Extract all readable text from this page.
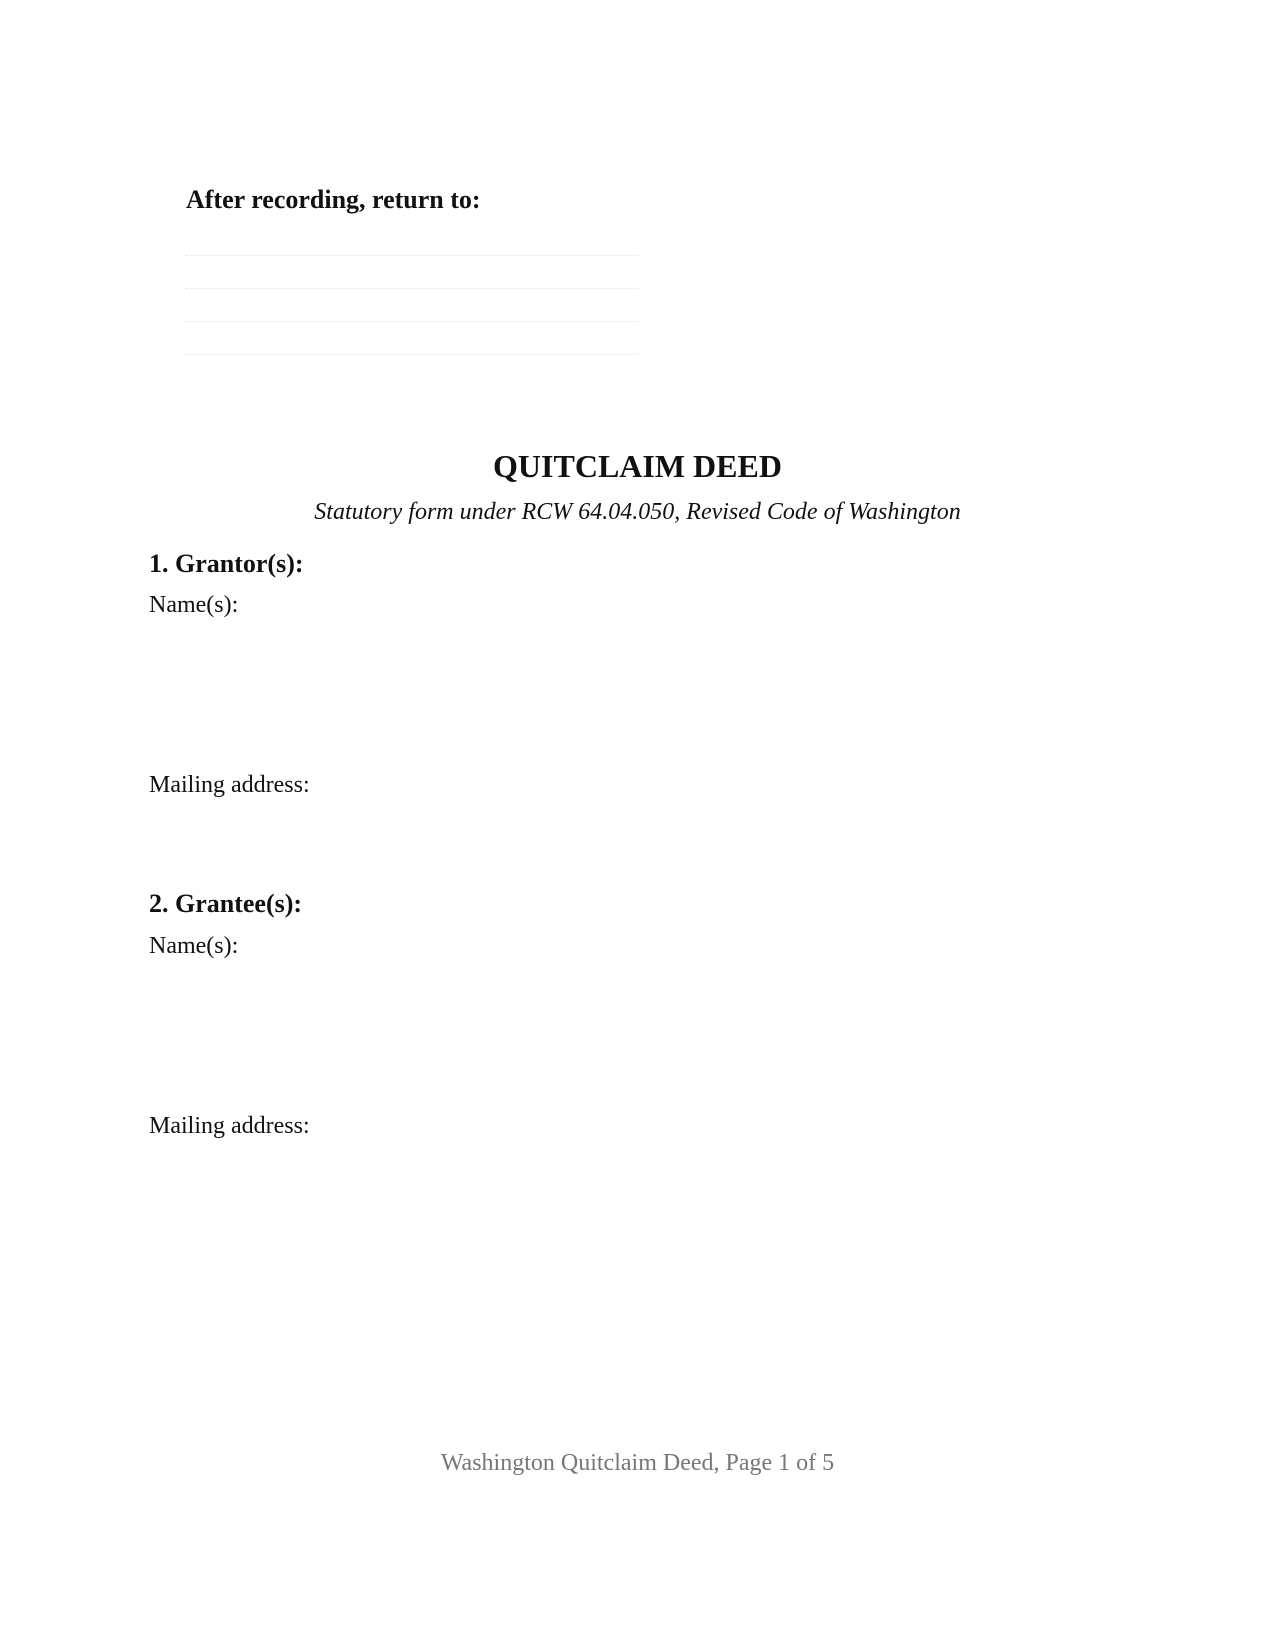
After recording, return to:

QUITCLAIM DEED

Statutory form under RCW 64.04.050, Revised Code of Washington

1. Grantor(s):

Name(s):

Mailing address:

2. Grantee(s):

Name(s):

Mailing address:

Washington Quitclaim Deed, Page 1 of 5
